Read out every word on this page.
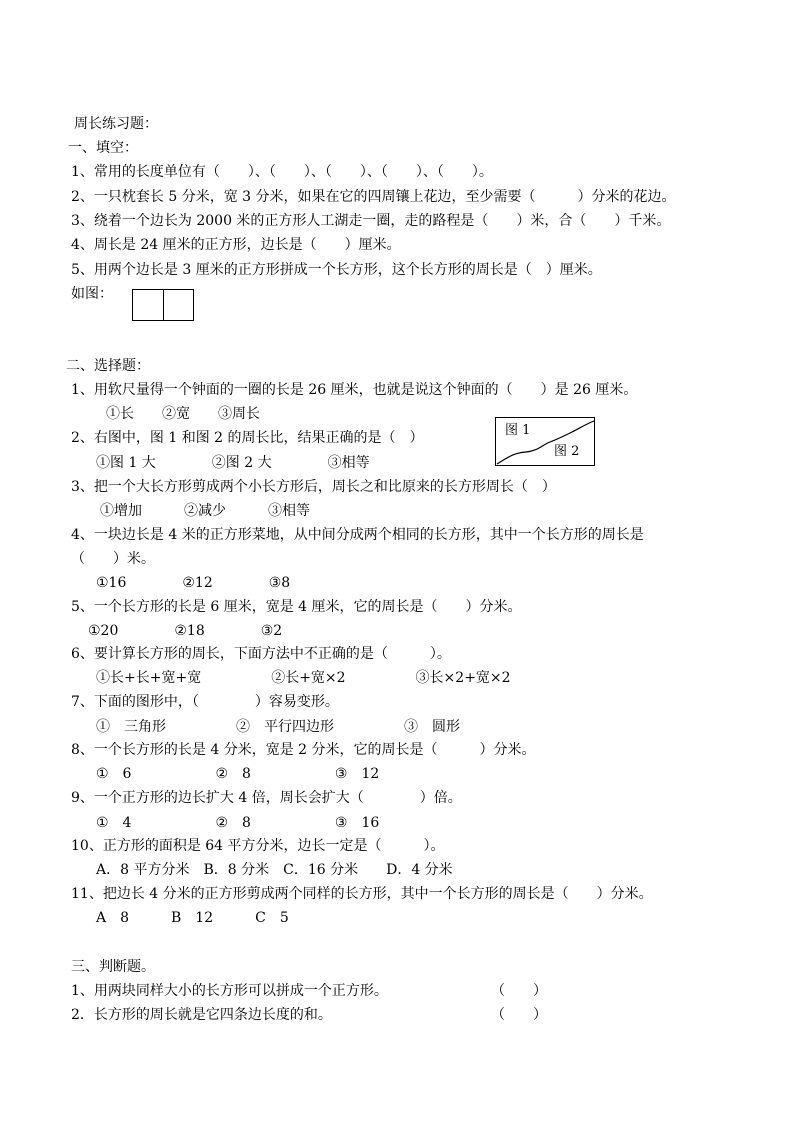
周长练习题：
一、填空：
1、常用的长度单位有（　　）、（　　）、（　　）、（　　）、（　　）。
2、一只枕套长 5 分米，宽 3 分米，如果在它的四周镶上花边，至少需要（　　　）分米的花边。
3、绕着一个边长为 2000 米的正方形人工湖走一圈，走的路程是（　　）米，合（　　）千米。
4、周长是 24 厘米的正方形，边长是（　　）厘米。
5、用两个边长是 3 厘米的正方形拼成一个长方形，这个长方形的周长是（　）厘米。
如图：
二、选择题：
1、用软尺量得一个钟面的一圈的长是 26 厘米，也就是说这个钟面的（　　）是 26 厘米。
①长　　②宽　　③周长
2、右图中，图 1 和图 2 的周长比，结果正确的是（　）
①图 1 大　　　　②图 2 大　　　　③相等
图 1
图 2
3、把一个大长方形剪成两个小长方形后，周长之和比原来的长方形周长（　）
①增加　　　②减少　　　③相等
4、一块边长是 4 米的正方形菜地，从中间分成两个相同的长方形，其中一个长方形的周长是
（　　）米。
①16　　　　②12　　　　③8
5、一个长方形的长是 6 厘米，宽是 4 厘米，它的周长是（　　）分米。
①20　　　　②18　　　　③2
6、要计算长方形的周长，下面方法中不正确的是（　　　）。
①长+长+宽+宽　　　　　②长+宽×2　　　　　③长×2+宽×2
7、下面的图形中，（　　　　）容易变形。
①　三角形　　　　　②　平行四边形　　　　　③　圆形
8、一个长方形的长是 4 分米，宽是 2 分米，它的周长是（　　　）分米。
①　6　　　　　　②　8　　　　　　③　12
9、一个正方形的边长扩大 4 倍，周长会扩大（　　　　）倍。
①　4　　　　　　②　8　　　　　　③　16
10、正方形的面积是 64 平方分米，边长一定是（　　　）。
A．8 平方分米　B．8 分米　C．16 分米　　D．4 分米
11、把边长 4 分米的正方形剪成两个同样的长方形，其中一个长方形的周长是（　　）分米。
A　8　　　B　12　　　C　5
三、判断题。
1、用两块同样大小的长方形可以拼成一个正方形。	（　　）
2．长方形的周长就是它四条边长度的和。	（　　）
